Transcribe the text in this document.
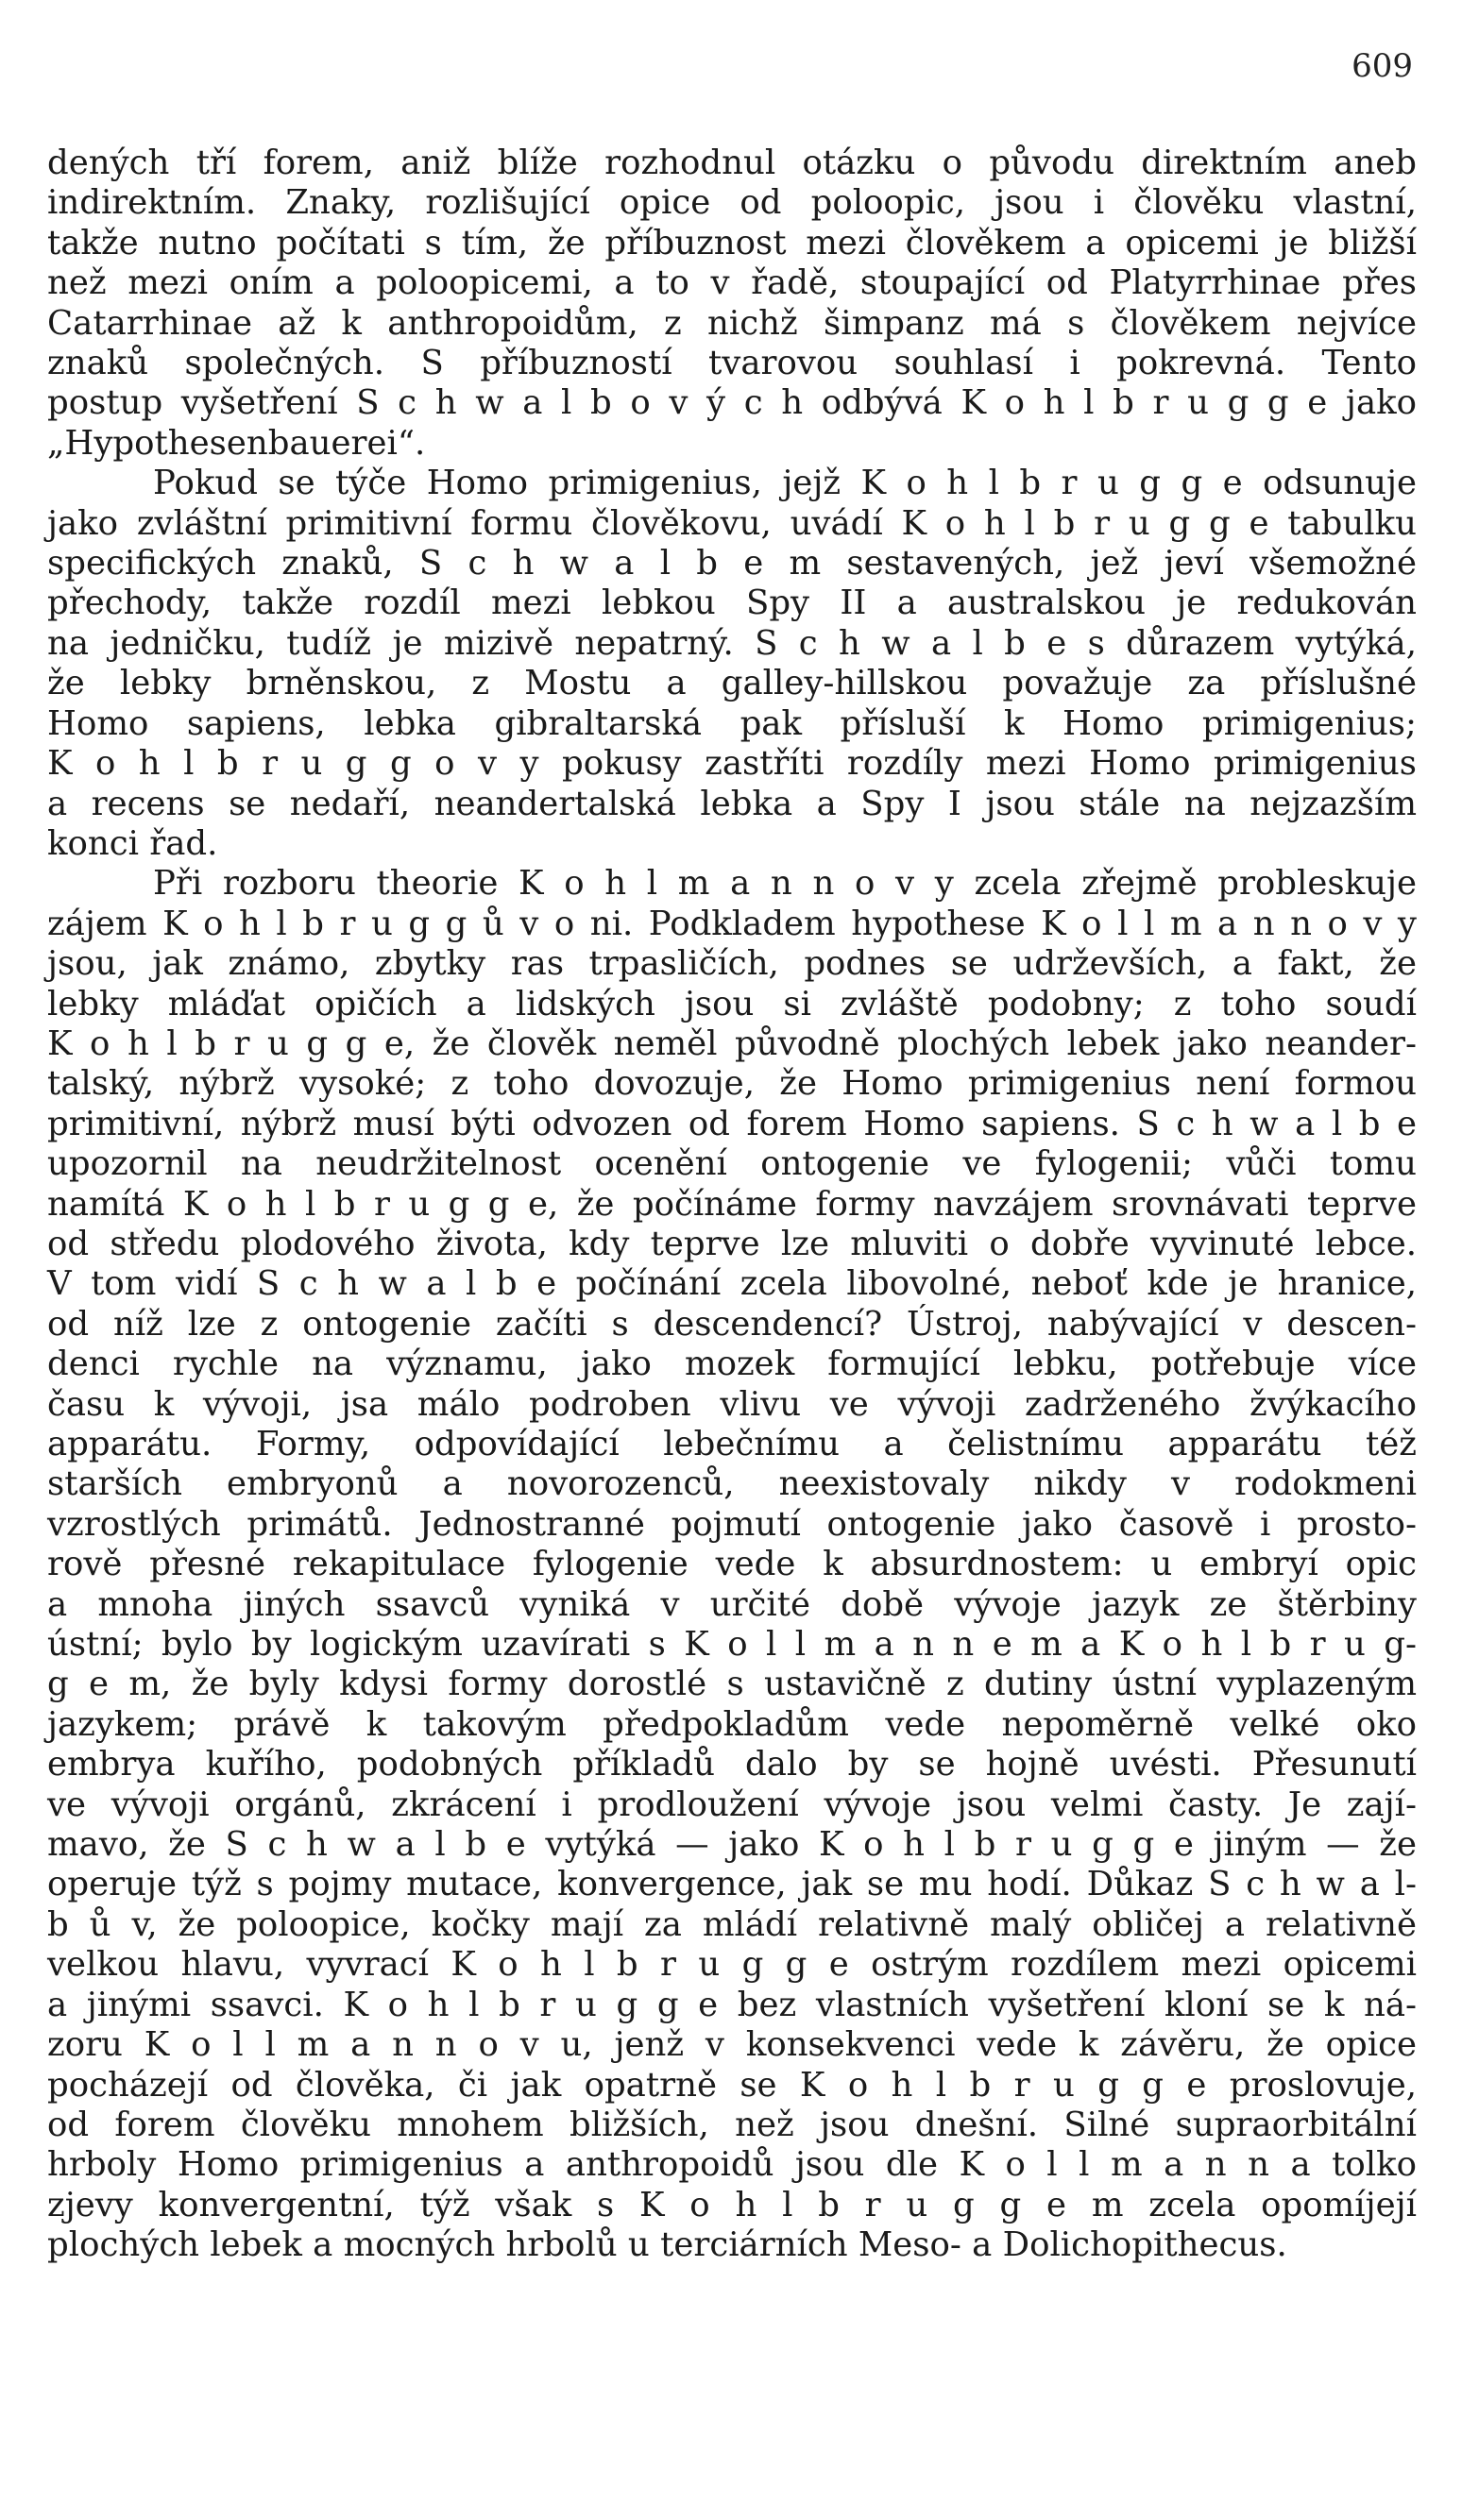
609

dených tří forem, aniž blíže rozhodnul otázku o původu direktním aneb

indirektním. Znaky, rozlišující opice od poloopic, jsou i člověku vlastní,

takže nutno počítati s tím, že příbuznost mezi člověkem a opicemi je bližší

než mezi oním a poloopicemi, a to v řadě, stoupající od Platyrrhinae přes

Catarrhinae až k anthropoidům, z nichž šimpanz má s člověkem nejvíce

znaků společných. S příbuzností tvarovou souhlasí i pokrevná. Tento

postup vyšetření S c h w a l b o v ý c h odbývá K o h l b r u g g e jako

„Hypothesenbauerei“.

Pokud se týče Homo primigenius, jejž K o h l b r u g g e odsunuje

jako zvláštní primitivní formu člověkovu, uvádí K o h l b r u g g e tabulku

specifických znaků, S c h w a l b e m sestavených, jež jeví všemožné

přechody, takže rozdíl mezi lebkou Spy II a australskou je redukován

na jedničku, tudíž je mizivě nepatrný. S c h w a l b e s důrazem vytýká,

že lebky brněnskou, z Mostu a galley-hillskou považuje za příslušné

Homo sapiens, lebka gibraltarská pak přísluší k Homo primigenius;

K o h l b r u g g o v y pokusy zastříti rozdíly mezi Homo primigenius

a recens se nedaří, neandertalská lebka a Spy I jsou stále na nejzazším

konci řad.

Při rozboru theorie K o h l m a n n o v y zcela zřejmě probleskuje

zájem K o h l b r u g g ů v o ni. Podkladem hypothese K o l l m a n n o v y

jsou, jak známo, zbytky ras trpasličích, podnes se udrževších, a fakt, že

lebky mláďat opičích a lidských jsou si zvláště podobny; z toho soudí

K o h l b r u g g e, že člověk neměl původně plochých lebek jako neander-

talský, nýbrž vysoké; z toho dovozuje, že Homo primigenius není formou

primitivní, nýbrž musí býti odvozen od forem Homo sapiens. S c h w a l b e

upozornil na neudržitelnost ocenění ontogenie ve fylogenii; vůči tomu

namítá K o h l b r u g g e, že počínáme formy navzájem srovnávati teprve

od středu plodového života, kdy teprve lze mluviti o dobře vyvinuté lebce.

V tom vidí S c h w a l b e počínání zcela libovolné, neboť kde je hranice,

od níž lze z ontogenie začíti s descendencí? Ústroj, nabývající v descen-

denci rychle na významu, jako mozek formující lebku, potřebuje více

času k vývoji, jsa málo podroben vlivu ve vývoji zadrženého žvýkacího

apparátu. Formy, odpovídající lebečnímu a čelistnímu apparátu též

starších embryonů a novorozenců, neexistovaly nikdy v rodokmeni

vzrostlých primátů. Jednostranné pojmutí ontogenie jako časově i prosto-

rově přesné rekapitulace fylogenie vede k absurdnostem: u embryí opic

a mnoha jiných ssavců vyniká v určité době vývoje jazyk ze štěrbiny

ústní; bylo by logickým uzavírati s K o l l m a n n e m a K o h l b r u g-

g e m, že byly kdysi formy dorostlé s ustavičně z dutiny ústní vyplazeným

jazykem; právě k takovým předpokladům vede nepoměrně velké oko

embrya kuřího, podobných příkladů dalo by se hojně uvésti. Přesunutí

ve vývoji orgánů, zkrácení i prodloužení vývoje jsou velmi časty. Je zají-

mavo, že S c h w a l b e vytýká — jako K o h l b r u g g e jiným — že

operuje týž s pojmy mutace, konvergence, jak se mu hodí. Důkaz S c h w a l-

b ů v, že poloopice, kočky mají za mládí relativně malý obličej a relativně

velkou hlavu, vyvrací K o h l b r u g g e ostrým rozdílem mezi opicemi

a jinými ssavci. K o h l b r u g g e bez vlastních vyšetření kloní se k ná-

zoru K o l l m a n n o v u, jenž v konsekvenci vede k závěru, že opice

pocházejí od člověka, či jak opatrně se K o h l b r u g g e proslovuje,

od forem člověku mnohem bližších, než jsou dnešní. Silné supraorbitální

hrboly Homo primigenius a anthropoidů jsou dle K o l l m a n n a tolko

zjevy konvergentní, týž však s K o h l b r u g g e m zcela opomíjejí

plochých lebek a mocných hrbolů u terciárních Meso- a Dolichopithecus.
